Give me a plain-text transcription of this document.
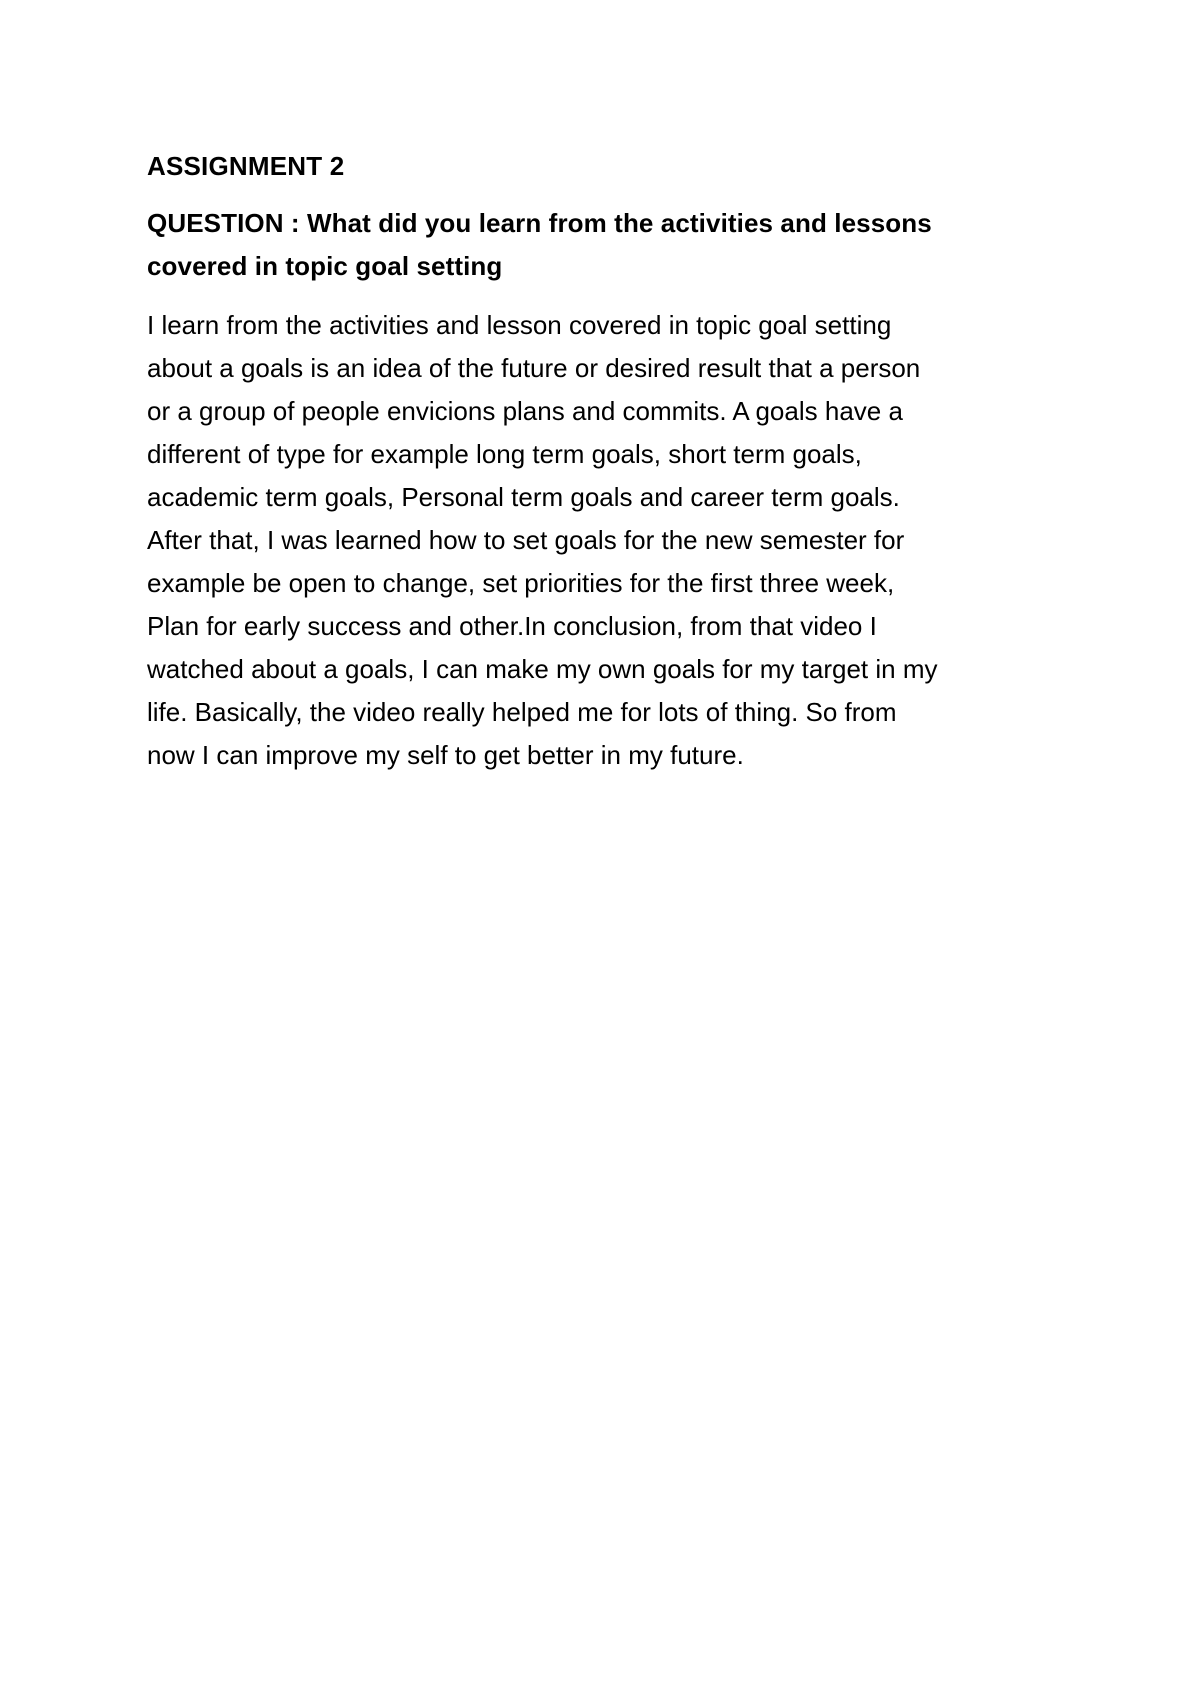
ASSIGNMENT 2
QUESTION : What did you learn from the activities and lessons
covered in topic goal setting
I learn from the activities and lesson covered in topic goal setting
about a goals is an idea of the future or desired result that a person
or a group of people envicions plans and commits. A goals have a
different of type for example long term goals, short term goals,
academic term goals, Personal term goals and career term goals.
After that, I was learned how to set goals for the new semester for
example be open to change, set priorities for the first three week,
Plan for early success and other.In conclusion, from that video I
watched about a goals, I can make my own goals for my target in my
life. Basically, the video really helped me for lots of thing. So from
now I can improve my self to get better in my future.
